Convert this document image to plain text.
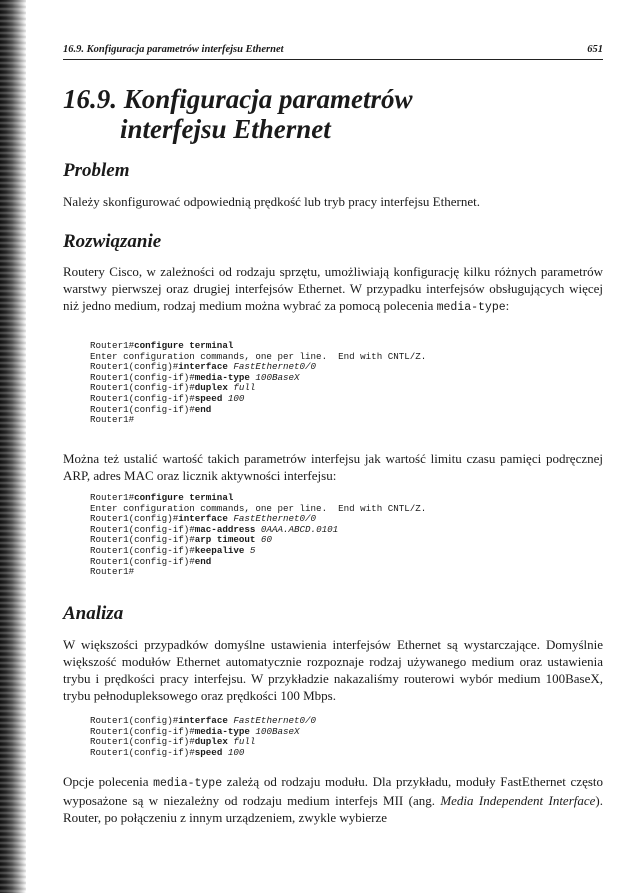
16.9. Konfiguracja parametrów interfejsu Ethernet	651
16.9. Konfiguracja parametrów
interfejsu Ethernet
Problem

Należy skonfigurować odpowiednią prędkość lub tryb pracy interfejsu Ethernet.

Rozwiązanie

Routery Cisco, w zależności od rodzaju sprzętu, umożliwiają konfigurację kilku różnych parametrów warstwy pierwszej oraz drugiej interfejsów Ethernet. W przypadku interfejsów obsługujących więcej niż jedno medium, rodzaj medium można wybrać za pomocą polecenia media-type:

Router1#configure terminal
Enter configuration commands, one per line.  End with CNTL/Z.
Router1(config)#interface FastEthernet0/0
Router1(config-if)#media-type 100BaseX
Router1(config-if)#duplex full
Router1(config-if)#speed 100
Router1(config-if)#end
Router1#

Można też ustalić wartość takich parametrów interfejsu jak wartość limitu czasu pamięci podręcznej ARP, adres MAC oraz licznik aktywności interfejsu:

Router1#configure terminal
Enter configuration commands, one per line.  End with CNTL/Z.
Router1(config)#interface FastEthernet0/0
Router1(config-if)#mac-address 0AAA.ABCD.0101
Router1(config-if)#arp timeout 60
Router1(config-if)#keepalive 5
Router1(config-if)#end
Router1#
Analiza

W większości przypadków domyślne ustawienia interfejsów Ethernet są wystarczające. Domyślnie większość modułów Ethernet automatycznie rozpoznaje rodzaj używanego medium oraz ustawienia trybu i prędkości pracy interfejsu. W przykładzie nakazaliśmy routerowi wybór medium 100BaseX, trybu pełnodupleksowego oraz prędkości 100 Mbps.

Router1(config)#interface FastEthernet0/0
Router1(config-if)#media-type 100BaseX
Router1(config-if)#duplex full
Router1(config-if)#speed 100

Opcje polecenia media-type zależą od rodzaju modułu. Dla przykładu, moduły FastEthernet często wyposażone są w niezależny od rodzaju medium interfejs MII (ang. Media Independent Interface). Router, po połączeniu z innym urządzeniem, zwykle wybierze
